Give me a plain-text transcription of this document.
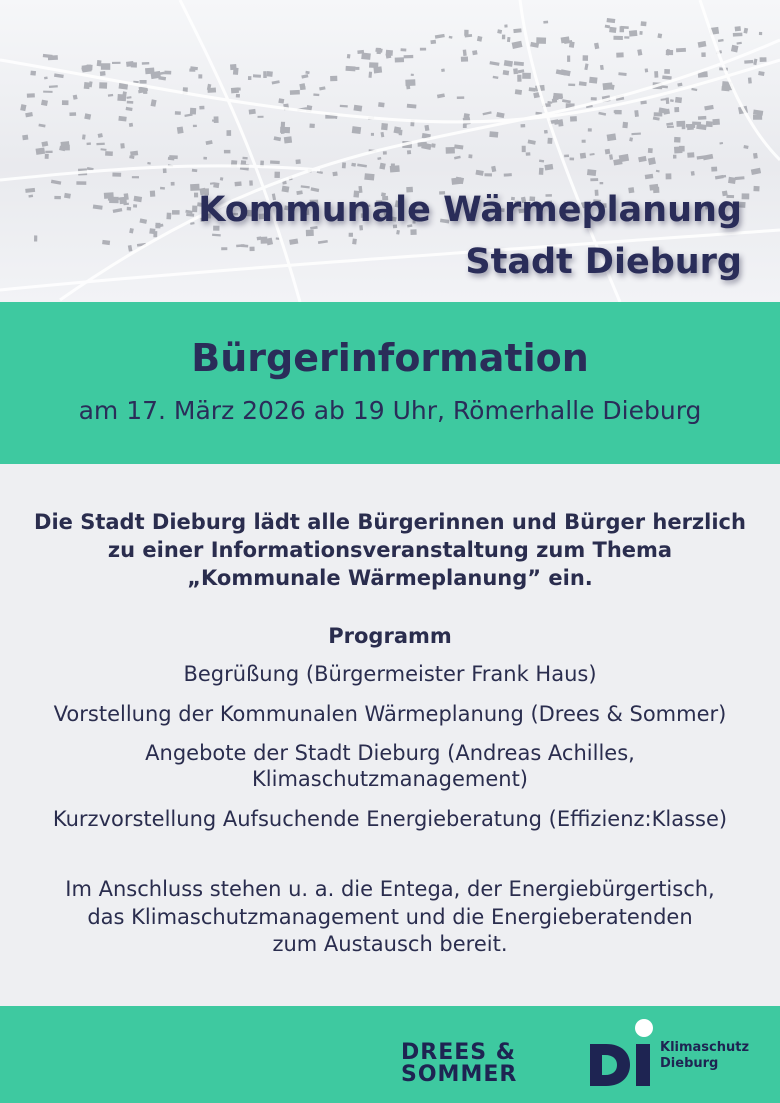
Kommunale Wärmeplanung
Stadt Dieburg
Bürgerinformation
am 17. März 2026 ab 19 Uhr, Römerhalle Dieburg
Die Stadt Dieburg lädt alle Bürgerinnen und Bürger herzlich
zu einer Informationsveranstaltung zum Thema
„Kommunale Wärmeplanung” ein.
Programm
Begrüßung (Bürgermeister Frank Haus)
Vorstellung der Kommunalen Wärmeplanung (Drees & Sommer)
Angebote der Stadt Dieburg (Andreas Achilles,
Klimaschutzmanagement)
Kurzvorstellung Aufsuchende Energieberatung (Effizienz:Klasse)
Im Anschluss stehen u. a. die Entega, der Energiebürgertisch,
das Klimaschutzmanagement und die Energieberatenden
zum Austausch bereit.
DREES &
SOMMER
Klimaschutz
Dieburg
